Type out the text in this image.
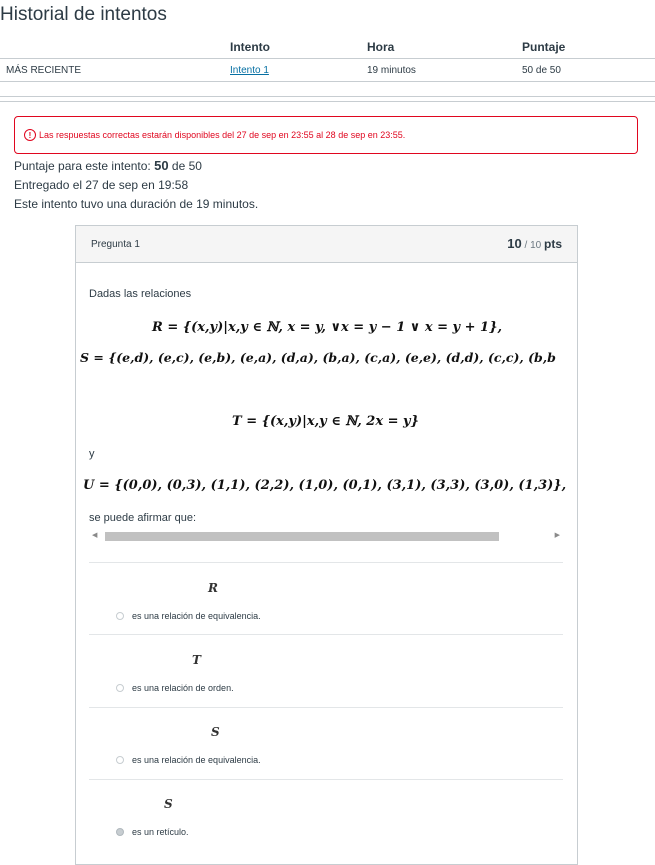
Historial de intentos
	Intento	Hora	Puntaje
MÁS RECIENTE	Intento 1	19 minutos	50 de 50

! Las respuestas correctas estarán disponibles del 27 de sep en 23:55 al 28 de sep en 23:55.
Puntaje para este intento: 50 de 50
Entregado el 27 de sep en 19:58
Este intento tuvo una duración de 19 minutos.
Pregunta 1	10 / 10 pts
Dadas las relaciones
R = {(x,y)|x,y ∈ ℕ, x = y, ∨x = y − 1 ∨ x = y + 1},
S = {(e,d), (e,c), (e,b), (e,a), (d,a), (b,a), (c,a), (e,e), (d,d), (c,c), (b,b
T = {(x,y)|x,y ∈ ℕ, 2x = y}
y
U = {(0,0), (0,3), (1,1), (2,2), (1,0), (0,1), (3,1), (3,3), (3,0), (1,3)},
se puede afirmar que:
◀	▶
R
es una relación de equivalencia.
T
es una relación de orden.
S
es una relación de equivalencia.
S
es un retículo.
